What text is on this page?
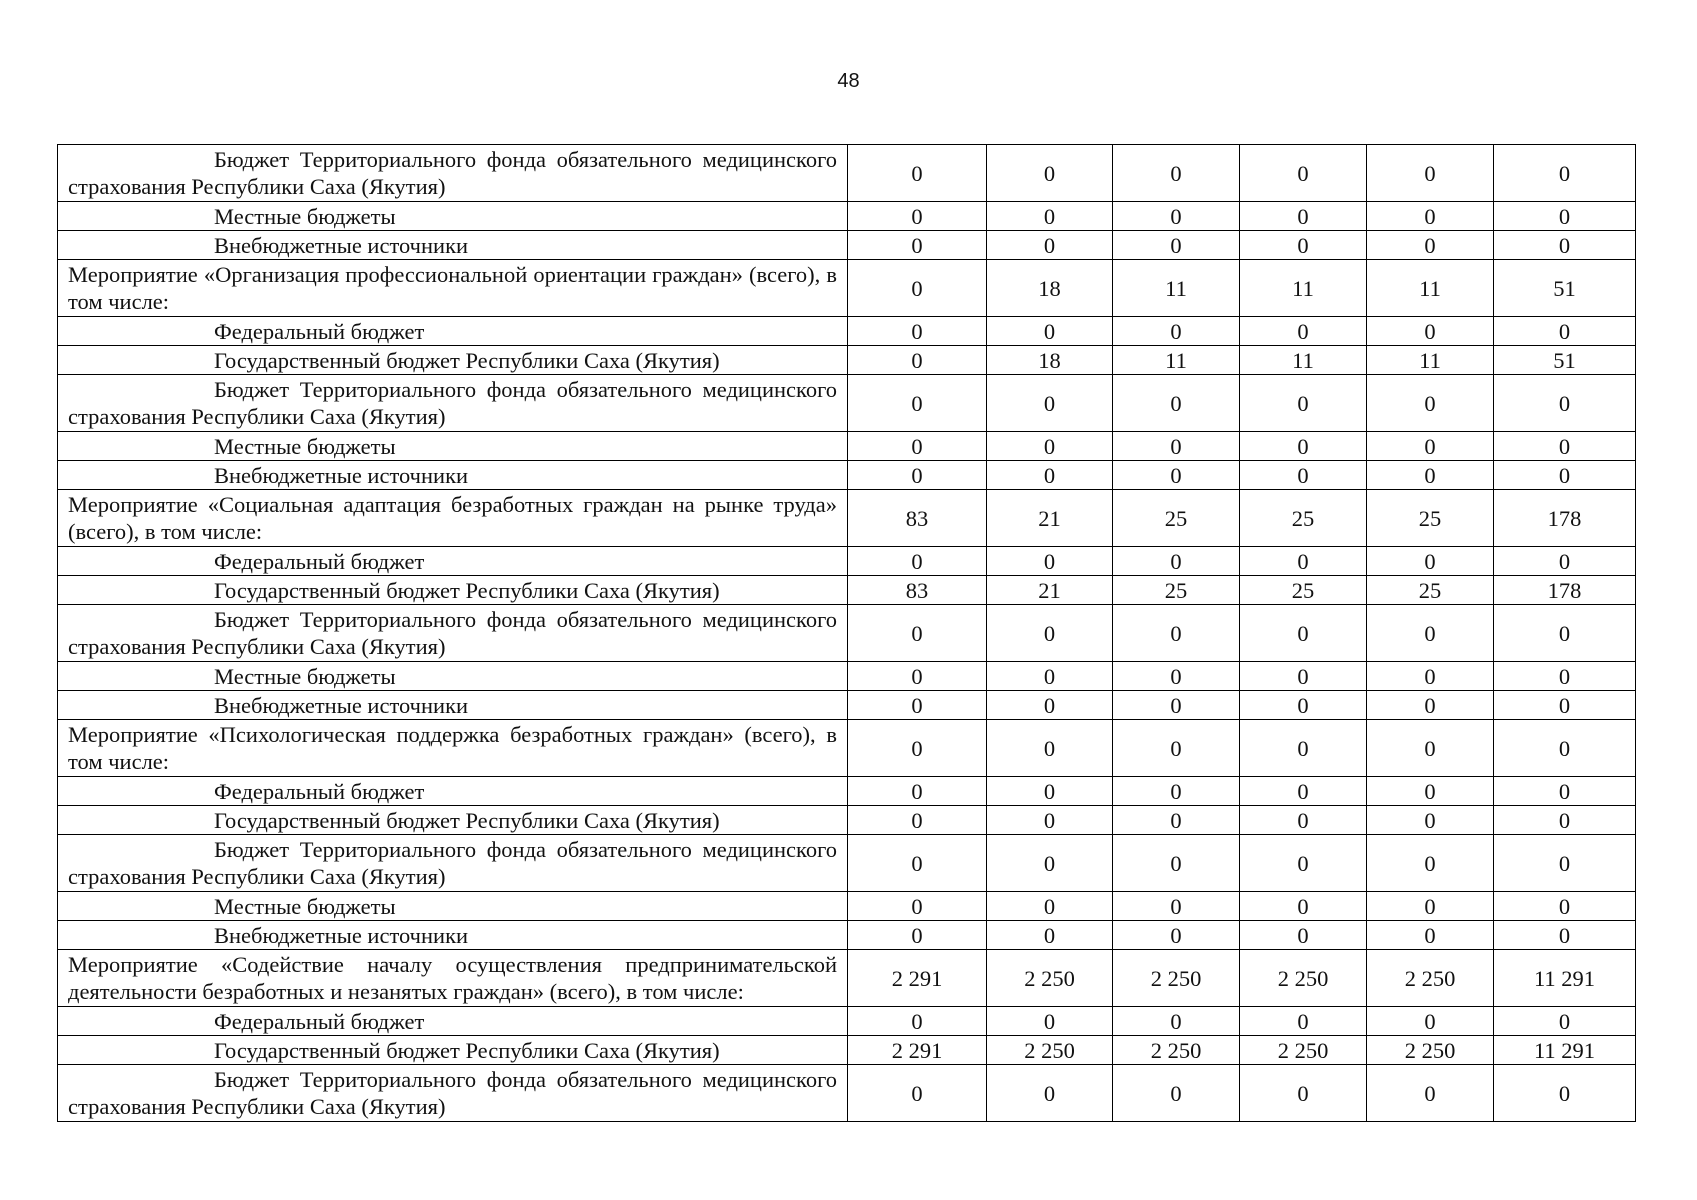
48
Бюджет Территориального фонда обязательного медицинского страхования Республики Саха (Якутия)	0	0	0	0	0	0
Местные бюджеты	0	0	0	0	0	0
Внебюджетные источники	0	0	0	0	0	0
Мероприятие «Организация профессиональной ориентации граждан» (всего), в том числе:	0	18	11	11	11	51
Федеральный бюджет	0	0	0	0	0	0
Государственный бюджет Республики Саха (Якутия)	0	18	11	11	11	51
Бюджет Территориального фонда обязательного медицинского страхования Республики Саха (Якутия)	0	0	0	0	0	0
Местные бюджеты	0	0	0	0	0	0
Внебюджетные источники	0	0	0	0	0	0
Мероприятие «Социальная адаптация безработных граждан на рынке труда» (всего), в том числе:	83	21	25	25	25	178
Федеральный бюджет	0	0	0	0	0	0
Государственный бюджет Республики Саха (Якутия)	83	21	25	25	25	178
Бюджет Территориального фонда обязательного медицинского страхования Республики Саха (Якутия)	0	0	0	0	0	0
Местные бюджеты	0	0	0	0	0	0
Внебюджетные источники	0	0	0	0	0	0
Мероприятие «Психологическая поддержка безработных граждан» (всего), в том числе:	0	0	0	0	0	0
Федеральный бюджет	0	0	0	0	0	0
Государственный бюджет Республики Саха (Якутия)	0	0	0	0	0	0
Бюджет Территориального фонда обязательного медицинского страхования Республики Саха (Якутия)	0	0	0	0	0	0
Местные бюджеты	0	0	0	0	0	0
Внебюджетные источники	0	0	0	0	0	0
Мероприятие «Содействие началу осуществления предпринимательской деятельности безработных и незанятых граждан» (всего), в том числе:	2 291	2 250	2 250	2 250	2 250	11 291
Федеральный бюджет	0	0	0	0	0	0
Государственный бюджет Республики Саха (Якутия)	2 291	2 250	2 250	2 250	2 250	11 291
Бюджет Территориального фонда обязательного медицинского страхования Республики Саха (Якутия)	0	0	0	0	0	0
